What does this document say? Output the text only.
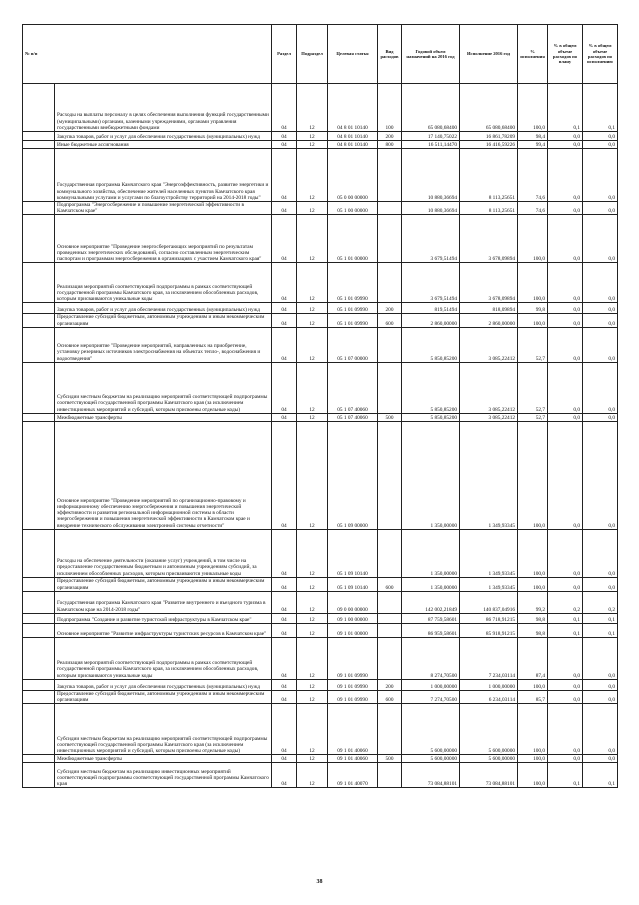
№ п/п		Раздел	Подраздел	Целевая статья	Вид расходов	Годовой объем назначений на 2016 год	Исполнение 2016 год	% исполнения	% в общем объеме расходов по плану	% в общем объеме расходов по исполнению
	Расходы на выплаты персоналу в целях обеспечения выполнения функций государственными (муниципальными) органами, казенными учреждениями, органами управления государственными внебюджетными фондами	04	12	04 8 01 10140	100	65 080,68400	65 080,68400	100,0	0,1	0,1
	Закупка товаров, работ и услуг для обеспечения государственных (муниципальных) нужд	04	12	04 8 01 10140	200	17 140,75022	16 861,78209	98,4	0,0	0,0
	Иные бюджетные ассигнования	04	12	04 8 01 10140	800	16 511,14470	16 416,59226	99,4	0,0	0,0
	Государственная программа Камчатского края "Энергоэффективность, развитие энергетики и коммунального хозяйства, обеспечение жителей населенных пунктов Камчатского края коммунальными услугами и услугами по благоустройству территорий на 2014-2018 годы"	04	12	05 0 00 00000		10 880,36694	8 113,25651	74,6	0,0	0,0
	Подпрограмма "Энергосбережение и повышение энергетической эффективности в Камчатском крае"	04	12	05 1 00 00000		10 880,36694	8 113,25651	74,6	0,0	0,0
	Основное мероприятие "Проведение энергосберегающих мероприятий по результатам проведенных энергетических обследований, согласно составленным энергетическим паспортам и программам энергосбережения в организациях с участием Камчатского края"	04	12	05 1 01 00000		3 679,51494	3 678,09894	100,0	0,0	0,0
	Реализация мероприятий соответствующей подпрограммы в рамках соответствующей государственной программы Камчатского края, за исключением обособленных расходов, которым присваиваются уникальные коды	04	12	05 1 01 09990		3 679,51494	3 678,09894	100,0	0,0	0,0
	Закупка товаров, работ и услуг для обеспечения государственных (муниципальных) нужд	04	12	05 1 01 09990	200	819,51494	818,09894	99,8	0,0	0,0
	Предоставление субсидий бюджетным, автономным учреждениям и иным некоммерческим организациям	04	12	05 1 01 09990	600	2 860,00000	2 860,00000	100,0	0,0	0,0
	Основное мероприятие "Проведение мероприятий, направленных на приобретение, установку резервных источников электроснабжения на объектах тепло-, водоснабжения и водоотведения"	04	12	05 1 07 00000		5 850,85200	3 085,22412	52,7	0,0	0,0
	Субсидии местным бюджетам на реализацию мероприятий соответствующей подпрограммы соответствующей государственной программы Камчатского края (за исключением инвестиционных мероприятий и субсидий, которым присвоены отдельные коды)	04	12	05 1 07 40060		5 850,85200	3 085,22412	52,7	0,0	0,0
	Межбюджетные трансферты	04	12	05 1 07 40060	500	5 850,85200	3 085,22412	52,7	0,0	0,0
	Основное мероприятие "Проведение мероприятий по организационно-правовому и информационному обеспечению энергосбережения и повышения энергетической эффективности и развития региональной информационной системы в области энергосбережения и повышения энергетической эффективности в Камчатском крае и внедрение технического обслуживания электронной системы отчетности"	04	12	05 1 09 00000		1 350,00000	1 349,93345	100,0	0,0	0,0
	Расходы на обеспечение деятельности (оказание услуг) учреждений, в том числе на предоставление государственным бюджетным и автономным учреждениям субсидий, за исключением обособленных расходов, которым присваиваются уникальные коды	04	12	05 1 09 10140		1 350,00000	1 349,93345	100,0	0,0	0,0
	Предоставление субсидий бюджетным, автономным учреждениям и иным некоммерческим организациям	04	12	05 1 09 10140	600	1 350,00000	1 349,93345	100,0	0,0	0,0
	Государственная программа Камчатского края "Развитие внутреннего и въездного туризма в Камчатском крае на 2014-2018 годы"	04	12	09 0 00 00000		142 002,21849	140 837,04916	99,2	0,2	0,2
	Подпрограмма "Создание и развитие туристской инфраструктуры в Камчатском крае"	04	12	09 1 00 00000		87 759,58601	86 718,91215	98,8	0,1	0,1
	Основное мероприятие "Развитие инфраструктуры туристских ресурсов в Камчатском крае"	04	12	09 1 01 00000		86 959,58601	85 918,91215	98,8	0,1	0,1
	Реализация мероприятий соответствующей подпрограммы в рамках соответствующей государственной программы Камчатского края, за исключением обособленных расходов, которым присваиваются уникальные коды	04	12	09 1 01 09990		8 274,70500	7 234,03114	87,4	0,0	0,0
	Закупка товаров, работ и услуг для обеспечения государственных (муниципальных) нужд	04	12	09 1 01 09990	200	1 000,00000	1 000,00000	100,0	0,0	0,0
	Предоставление субсидий бюджетным, автономным учреждениям и иным некоммерческим организациям	04	12	09 1 01 09990	600	7 274,70500	6 234,03114	85,7	0,0	0,0
	Субсидии местным бюджетам на реализацию мероприятий соответствующей подпрограммы соответствующей государственной программы Камчатского края (за исключением инвестиционных мероприятий и субсидий, которым присвоены отдельные коды)	04	12	09 1 01 40060		5 600,00000	5 600,00000	100,0	0,0	0,0
	Межбюджетные трансферты	04	12	09 1 01 40060	500	5 600,00000	5 600,00000	100,0	0,0	0,0
	Субсидии местным бюджетам на реализацию инвестиционных мероприятий соответствующей подпрограммы соответствующей государственной программы Камчатского края	04	12	09 1 01 40070		73 084,88101	73 084,88101	100,0	0,1	0,1
38
